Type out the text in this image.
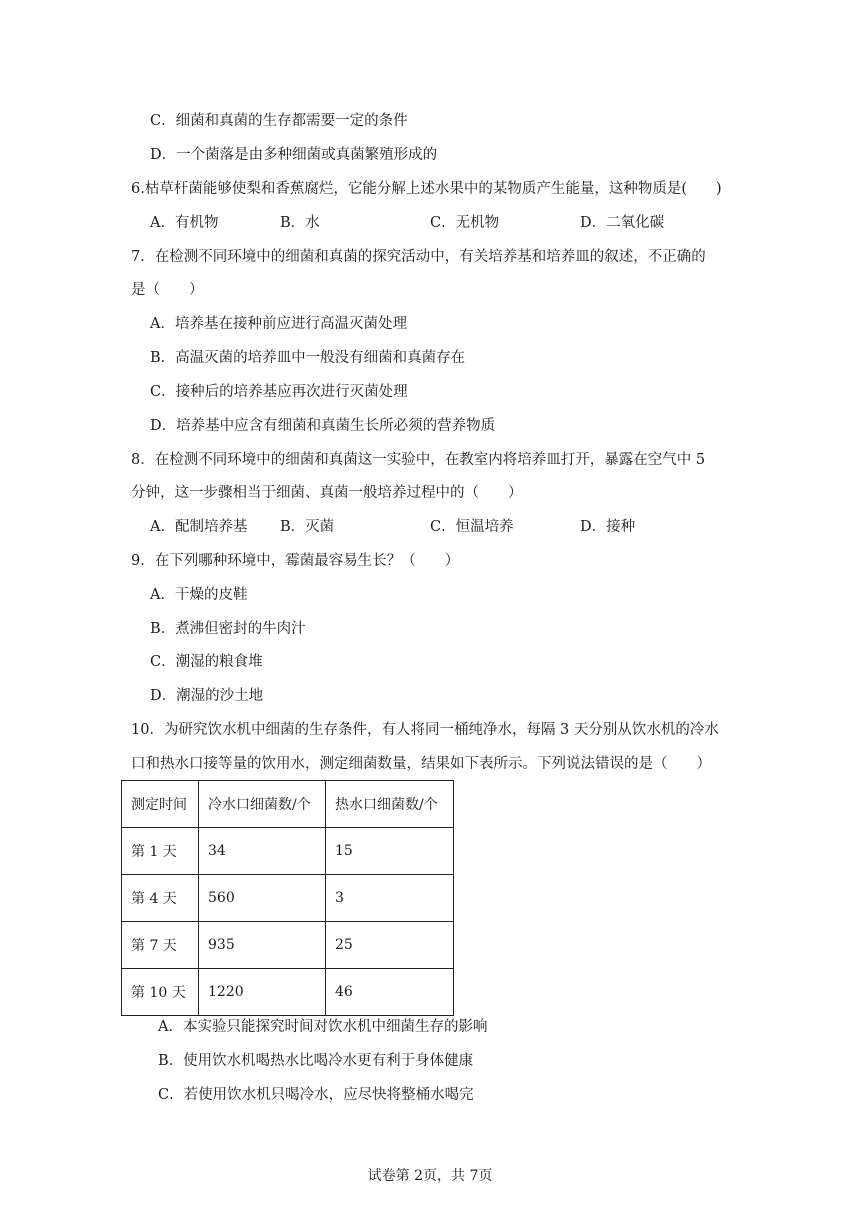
C．细菌和真菌的生存都需要一定的条件
D．一个菌落是由多种细菌或真菌繁殖形成的
6.枯草杆菌能够使梨和香蕉腐烂，它能分解上述水果中的某物质产生能量，这种物质是(　　)
A．有机物	B．水	C．无机物	D．二氧化碳
7．在检测不同环境中的细菌和真菌的探究活动中，有关培养基和培养皿的叙述，不正确的
是（　　）
A．培养基在接种前应进行高温灭菌处理
B．高温灭菌的培养皿中一般没有细菌和真菌存在
C．接种后的培养基应再次进行灭菌处理
D．培养基中应含有细菌和真菌生长所必须的营养物质
8．在检测不同环境中的细菌和真菌这一实验中，在教室内将培养皿打开，暴露在空气中 5
分钟，这一步骤相当于细菌、真菌一般培养过程中的（　　）
A．配制培养基 B．灭菌	C．恒温培养	D．接种
9．在下列哪种环境中，霉菌最容易生长？（　　）
A．干燥的皮鞋
B．煮沸但密封的牛肉汁
C．潮湿的粮食堆
D．潮湿的沙土地
10．为研究饮水机中细菌的生存条件，有人将同一桶纯净水，每隔 3 天分别从饮水机的冷水
口和热水口接等量的饮用水，测定细菌数量，结果如下表所示。下列说法错误的是（　　）
测定时间	冷水口细菌数/个	热水口细菌数/个
第 1 天	34	15
第 4 天	560	3
第 7 天	935	25
第 10 天	1220	46
A．本实验只能探究时间对饮水机中细菌生存的影响
B．使用饮水机喝热水比喝冷水更有利于身体健康
C．若使用饮水机只喝冷水，应尽快将整桶水喝完
试卷第 2页，共 7页
